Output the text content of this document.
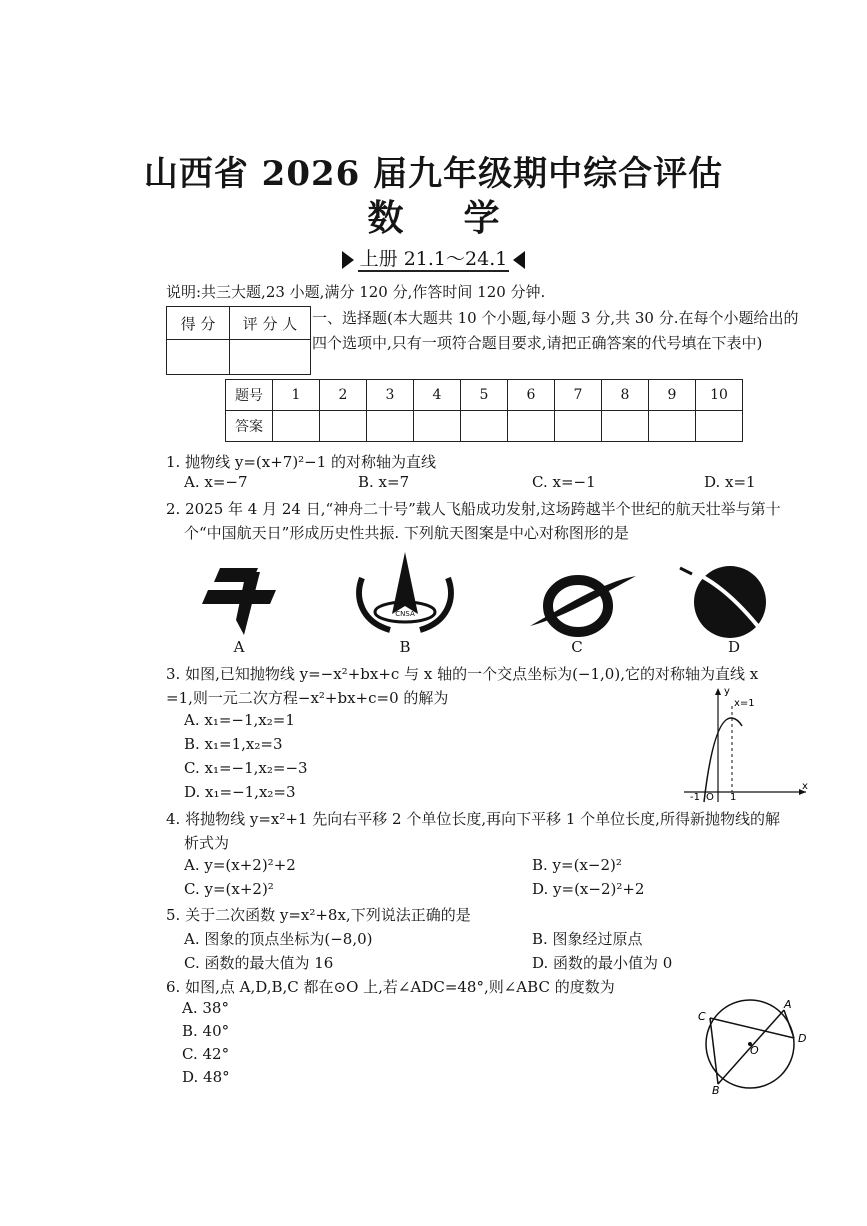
山西省 2026 届九年级期中综合评估
数学
上册 21.1～24.1
说明:共三大题,23 小题,满分 120 分,作答时间 120 分钟.
得 分	评 分 人
	一、选择题(本大题共 10 个小题,每小题 3 分,共 30 分.在每个小题给出的四个选项中,只有一项符合题目要求,请把正确答案的代号填在下表中)
题号	1	2	3	4	5	6	7	8	9	10
答案										
1. 抛物线 y=(x+7)²−1 的对称轴为直线
A. x=−7	B. x=7	C. x=−1	D. x=1
2. 2025 年 4 月 24 日,“神舟二十号”载人飞船成功发射,这场跨越半个世纪的航天壮举与第十
个“中国航天日”形成历史性共振. 下列航天图案是中心对称图形的是
A
CNSA
B	C	D
3. 如图,已知抛物线 y=−x²+bx+c 与 x 轴的一个交点坐标为(−1,0),它的对称轴为直线 x
=1,则一元二次方程−x²+bx+c=0 的解为
A. x₁=−1,x₂=1
B. x₁=1,x₂=3
C. x₁=−1,x₂=−3
D. x₁=−1,x₂=3
y
x
x=1
O
-1	1
4. 将抛物线 y=x²+1 先向右平移 2 个单位长度,再向下平移 1 个单位长度,所得新抛物线的解
析式为
A. y=(x+2)²+2	B. y=(x−2)²
C. y=(x+2)²	D. y=(x−2)²+2
5. 关于二次函数 y=x²+8x,下列说法正确的是
A. 图象的顶点坐标为(−8,0)	B. 图象经过原点
C. 函数的最大值为 16	D. 函数的最小值为 0
6. 如图,点 A,D,B,C 都在⊙O 上,若∠ADC=48°,则∠ABC 的度数为
A. 38°
B. 40°
C. 42°
D. 48°
C
A
D
B
O
